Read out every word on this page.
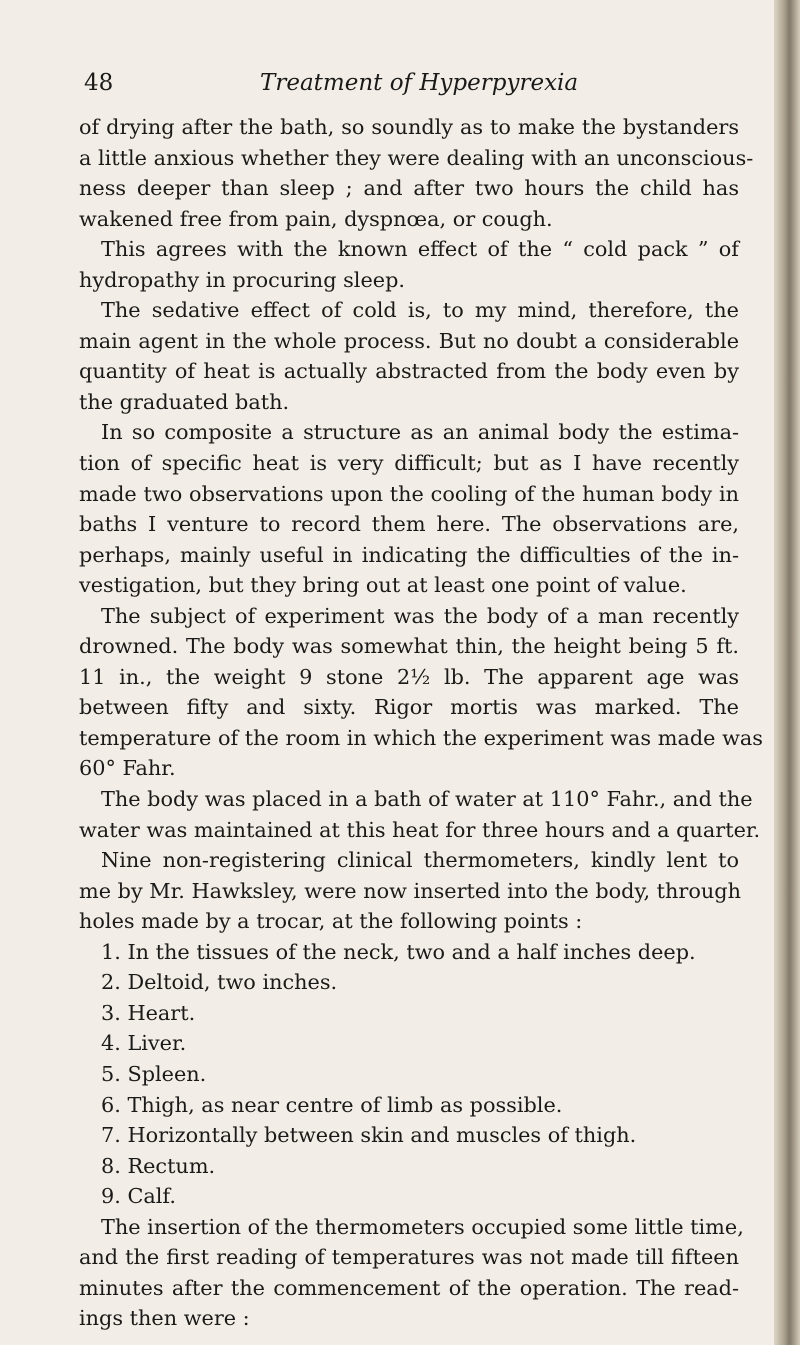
48	Treatment of Hyperpyrexia
of drying after the bath, so soundly as to make the bystanders
a little anxious whether they were dealing with an unconscious-
ness deeper than sleep ; and after two hours the child has
wakened free from pain, dyspnœa, or cough.
This agrees with the known effect of the “ cold pack ” of
hydropathy in procuring sleep.
The sedative effect of cold is, to my mind, therefore, the
main agent in the whole process. But no doubt a considerable
quantity of heat is actually abstracted from the body even by
the graduated bath.
In so composite a structure as an animal body the estima-
tion of specific heat is very difficult; but as I have recently
made two observations upon the cooling of the human body in
baths I venture to record them here. The observations are,
perhaps, mainly useful in indicating the difficulties of the in-
vestigation, but they bring out at least one point of value.
The subject of experiment was the body of a man recently
drowned. The body was somewhat thin, the height being 5 ft.
11 in., the weight 9 stone 2½ lb. The apparent age was
between fifty and sixty. Rigor mortis was marked. The
temperature of the room in which the experiment was made was
60° Fahr.
The body was placed in a bath of water at 110° Fahr., and the
water was maintained at this heat for three hours and a quarter.
Nine non-registering clinical thermometers, kindly lent to
me by Mr. Hawksley, were now inserted into the body, through
holes made by a trocar, at the following points :
1. In the tissues of the neck, two and a half inches deep.
2. Deltoid, two inches.
3. Heart.
4. Liver.
5. Spleen.
6. Thigh, as near centre of limb as possible.
7. Horizontally between skin and muscles of thigh.
8. Rectum.
9. Calf.
The insertion of the thermometers occupied some little time,
and the first reading of temperatures was not made till fifteen
minutes after the commencement of the operation. The read-
ings then were :
